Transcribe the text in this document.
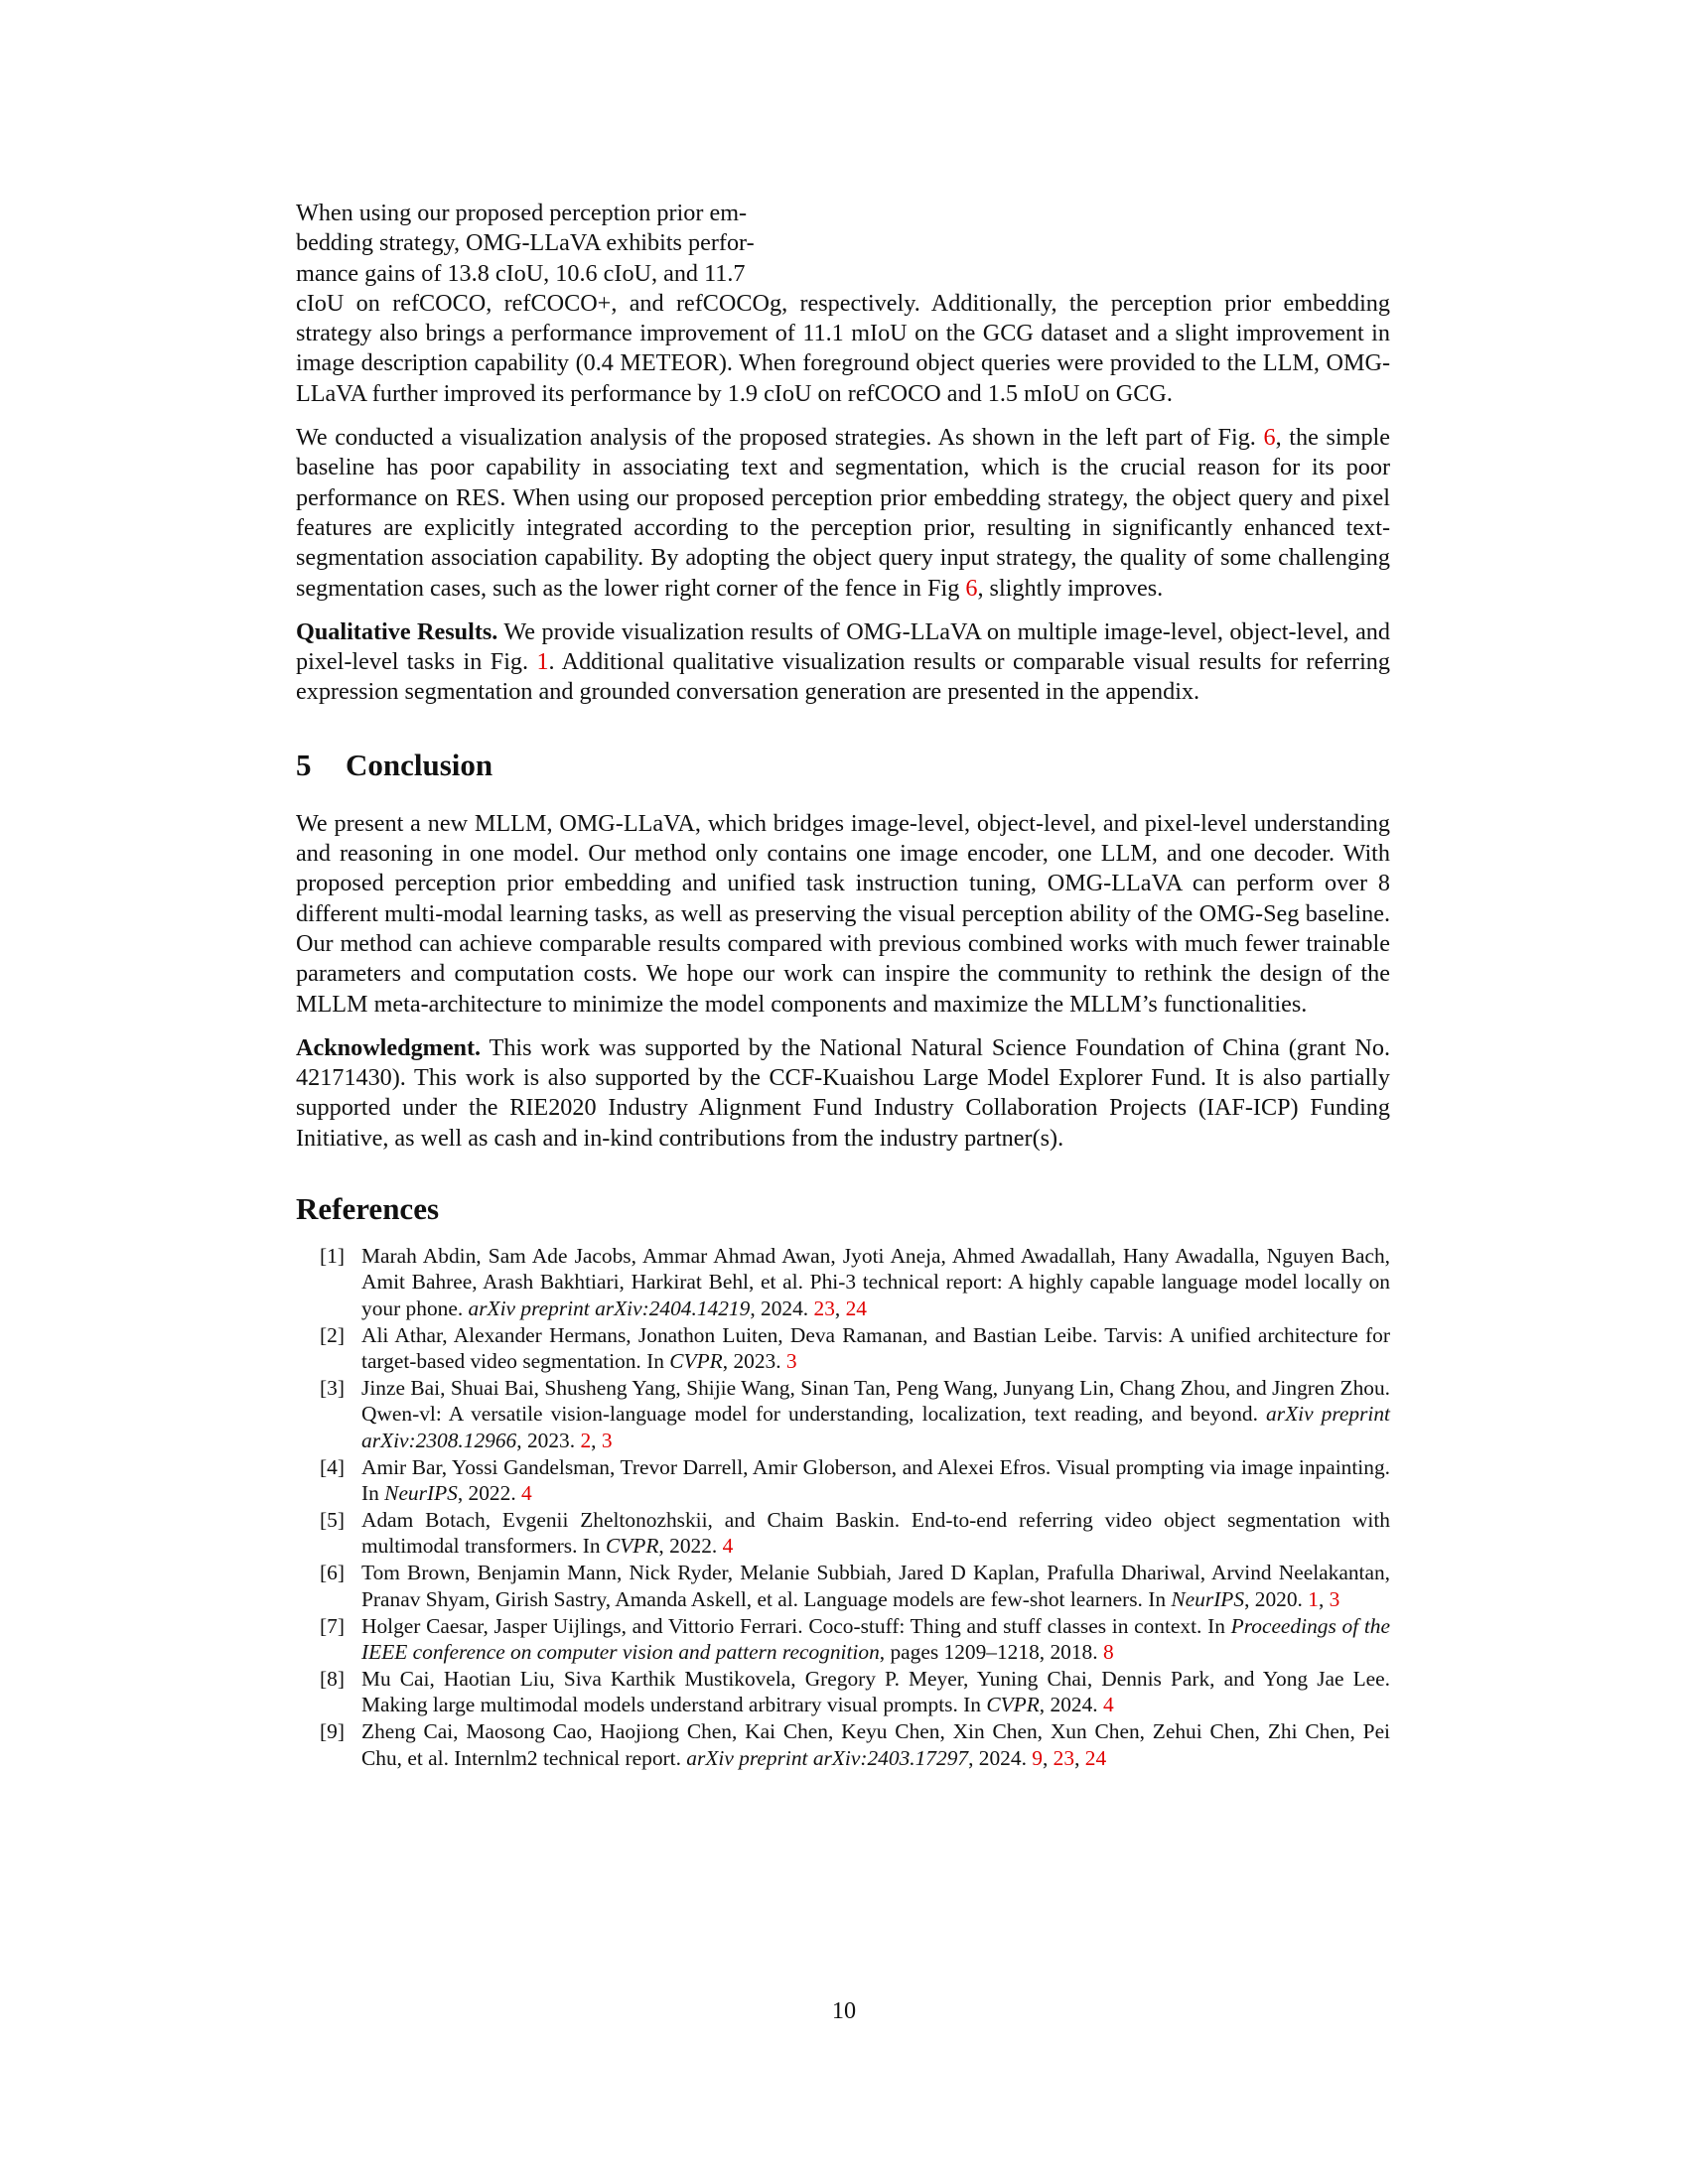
When using our proposed perception prior em-
bedding strategy, OMG-LLaVA exhibits perfor-
mance gains of 13.8 cIoU, 10.6 cIoU, and 11.7
cIoU on refCOCO, refCOCO+, and refCOCOg, respectively. Additionally, the perception prior embedding strategy also brings a performance improvement of 11.1 mIoU on the GCG dataset and a slight improvement in image description capability (0.4 METEOR). When foreground object queries were provided to the LLM, OMG-LLaVA further improved its performance by 1.9 cIoU on refCOCO and 1.5 mIoU on GCG.

We conducted a visualization analysis of the proposed strategies. As shown in the left part of Fig. 6, the simple baseline has poor capability in associating text and segmentation, which is the crucial reason for its poor performance on RES. When using our proposed perception prior embedding strategy, the object query and pixel features are explicitly integrated according to the perception prior, resulting in significantly enhanced text-segmentation association capability. By adopting the object query input strategy, the quality of some challenging segmentation cases, such as the lower right corner of the fence in Fig 6, slightly improves.

Qualitative Results. We provide visualization results of OMG-LLaVA on multiple image-level, object-level, and pixel-level tasks in Fig. 1. Additional qualitative visualization results or comparable visual results for referring expression segmentation and grounded conversation generation are presented in the appendix.

5 Conclusion

We present a new MLLM, OMG-LLaVA, which bridges image-level, object-level, and pixel-level understanding and reasoning in one model. Our method only contains one image encoder, one LLM, and one decoder. With proposed perception prior embedding and unified task instruction tuning, OMG-LLaVA can perform over 8 different multi-modal learning tasks, as well as preserving the visual perception ability of the OMG-Seg baseline. Our method can achieve comparable results compared with previous combined works with much fewer trainable parameters and computation costs. We hope our work can inspire the community to rethink the design of the MLLM meta-architecture to minimize the model components and maximize the MLLM’s functionalities.

Acknowledgment. This work was supported by the National Natural Science Foundation of China (grant No. 42171430). This work is also supported by the CCF-Kuaishou Large Model Explorer Fund. It is also partially supported under the RIE2020 Industry Alignment Fund Industry Collaboration Projects (IAF-ICP) Funding Initiative, as well as cash and in-kind contributions from the industry partner(s).

References
[1] Marah Abdin, Sam Ade Jacobs, Ammar Ahmad Awan, Jyoti Aneja, Ahmed Awadallah, Hany Awadalla, Nguyen Bach, Amit Bahree, Arash Bakhtiari, Harkirat Behl, et al. Phi-3 technical report: A highly capable language model locally on your phone. arXiv preprint arXiv:2404.14219, 2024. 23, 24
[2] Ali Athar, Alexander Hermans, Jonathon Luiten, Deva Ramanan, and Bastian Leibe. Tarvis: A unified architecture for target-based video segmentation. In CVPR, 2023. 3
[3] Jinze Bai, Shuai Bai, Shusheng Yang, Shijie Wang, Sinan Tan, Peng Wang, Junyang Lin, Chang Zhou, and Jingren Zhou. Qwen-vl: A versatile vision-language model for understanding, localization, text reading, and beyond. arXiv preprint arXiv:2308.12966, 2023. 2, 3
[4] Amir Bar, Yossi Gandelsman, Trevor Darrell, Amir Globerson, and Alexei Efros. Visual prompting via image inpainting. In NeurIPS, 2022. 4
[5] Adam Botach, Evgenii Zheltonozhskii, and Chaim Baskin. End-to-end referring video object segmentation with multimodal transformers. In CVPR, 2022. 4
[6] Tom Brown, Benjamin Mann, Nick Ryder, Melanie Subbiah, Jared D Kaplan, Prafulla Dhariwal, Arvind Neelakantan, Pranav Shyam, Girish Sastry, Amanda Askell, et al. Language models are few-shot learners. In NeurIPS, 2020. 1, 3
[7] Holger Caesar, Jasper Uijlings, and Vittorio Ferrari. Coco-stuff: Thing and stuff classes in context. In Proceedings of the IEEE conference on computer vision and pattern recognition, pages 1209–1218, 2018. 8
[8] Mu Cai, Haotian Liu, Siva Karthik Mustikovela, Gregory P. Meyer, Yuning Chai, Dennis Park, and Yong Jae Lee. Making large multimodal models understand arbitrary visual prompts. In CVPR, 2024. 4
[9] Zheng Cai, Maosong Cao, Haojiong Chen, Kai Chen, Keyu Chen, Xin Chen, Xun Chen, Zehui Chen, Zhi Chen, Pei Chu, et al. Internlm2 technical report. arXiv preprint arXiv:2403.17297, 2024. 9, 23, 24
10
